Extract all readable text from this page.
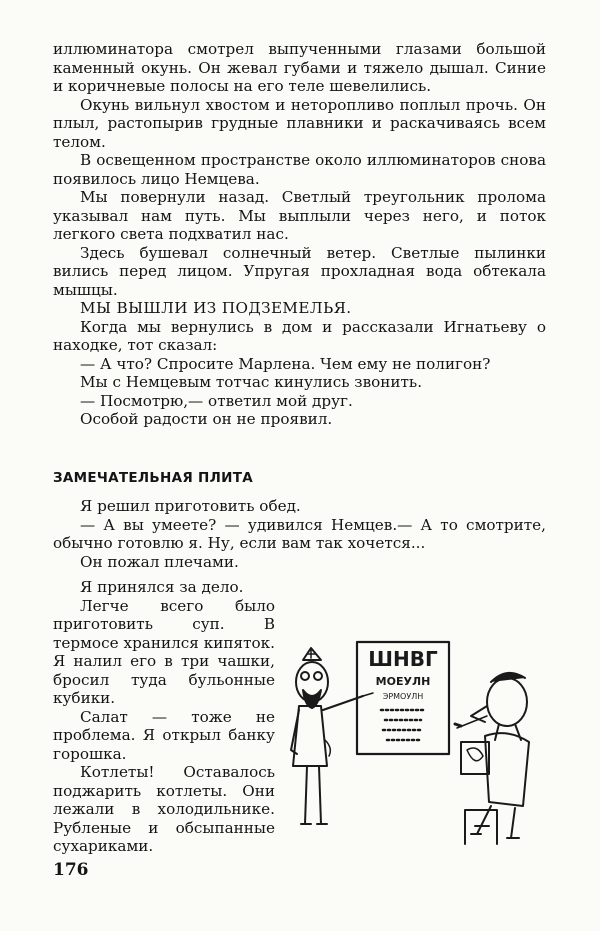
иллюминатора смотрел выпученными глазами большой каменный окунь. Он жевал губами и тяжело дышал. Синие и коричневые полосы на его теле шевелились.

Окунь вильнул хвостом и неторопливо поплыл прочь. Он плыл, растопырив грудные плавники и раскачиваясь всем телом.

В освещенном пространстве около иллюминаторов снова появилось лицо Немцева.

Мы повернули назад. Светлый треугольник пролома указывал нам путь. Мы выплыли через него, и поток легкого света подхватил нас.

Здесь бушевал солнечный ветер. Светлые пылинки вились перед лицом. Упругая прохладная вода обтекала мышцы.

МЫ ВЫШЛИ ИЗ ПОДЗЕМЕЛЬЯ.

Когда мы вернулись в дом и рассказали Игнатьеву о находке, тот сказал:

— А что? Спросите Марлена. Чем ему не полигон?

Мы с Немцевым тотчас кинулись звонить.

— Посмотрю,— ответил мой друг.

Особой радости он не проявил.

ЗАМЕЧАТЕЛЬНАЯ ПЛИТА

Я решил приготовить обед.

— А вы умеете? — удивился Немцев.— А то смотрите, обычно готовлю я. Ну, если вам так хочется...

Он пожал плечами.

Я принялся за дело.

Легче всего было приготовить суп. В термосе хранился кипяток. Я налил его в три чашки, бросил туда бульонные кубики.

Салат — тоже не проблема. Я открыл банку горошка.

Котлеты! Оставалось поджарить котлеты. Они лежали в холодильнике. Рубленые и обсыпанные сухариками.

ШНВГ
МОЕУЛН
ЭРМОУЛН
176
